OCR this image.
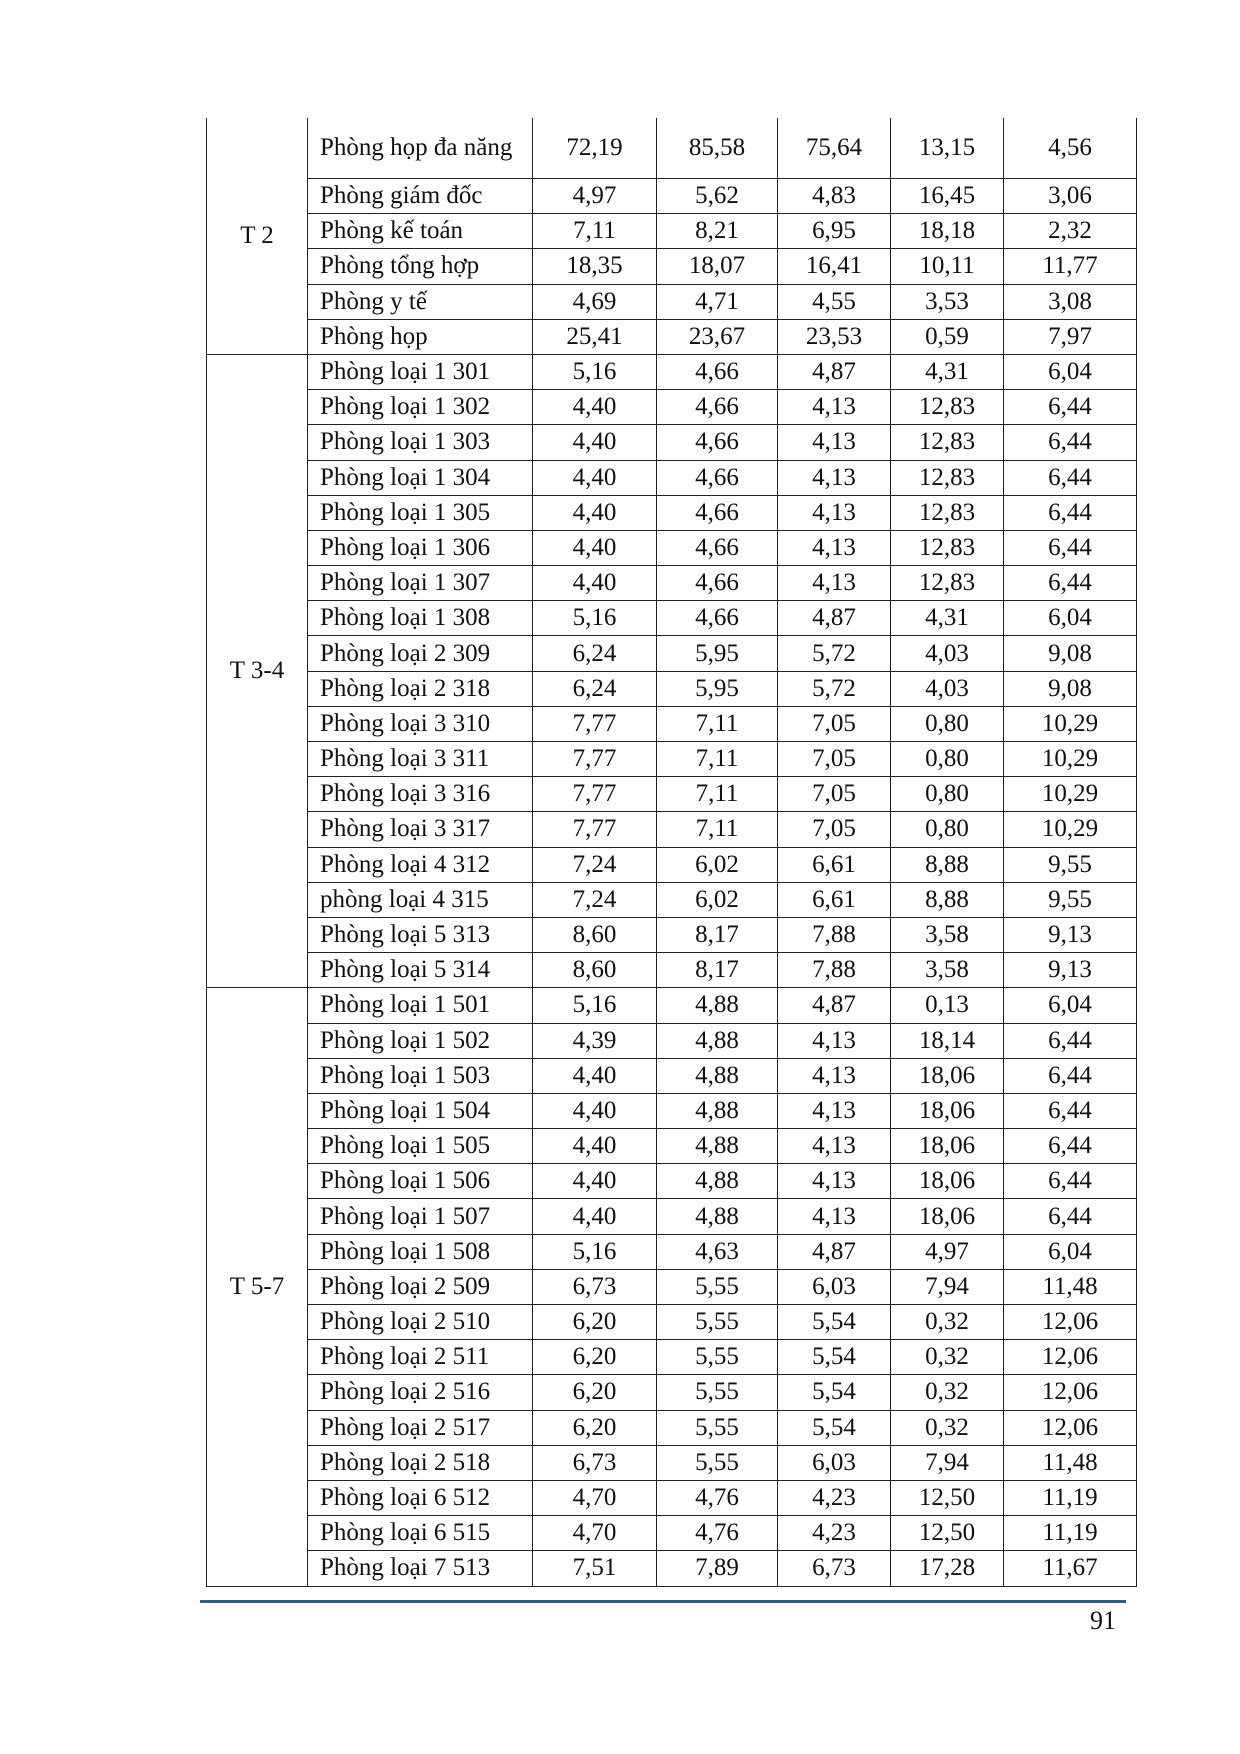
T 2	Phòng họp đa năng	72,19	85,58	75,64	13,15	4,56
	Phòng giám đốc	4,97	5,62	4,83	16,45	3,06
	Phòng kế toán	7,11	8,21	6,95	18,18	2,32
	Phòng tổng hợp	18,35	18,07	16,41	10,11	11,77
	Phòng y tế	4,69	4,71	4,55	3,53	3,08
	Phòng họp	25,41	23,67	23,53	0,59	7,97
T 3-4	Phòng loại 1 301	5,16	4,66	4,87	4,31	6,04
	Phòng loại 1 302	4,40	4,66	4,13	12,83	6,44
	Phòng loại 1 303	4,40	4,66	4,13	12,83	6,44
	Phòng loại 1 304	4,40	4,66	4,13	12,83	6,44
	Phòng loại 1 305	4,40	4,66	4,13	12,83	6,44
	Phòng loại 1 306	4,40	4,66	4,13	12,83	6,44
	Phòng loại 1 307	4,40	4,66	4,13	12,83	6,44
	Phòng loại 1 308	5,16	4,66	4,87	4,31	6,04
	Phòng loại 2 309	6,24	5,95	5,72	4,03	9,08
	Phòng loại 2 318	6,24	5,95	5,72	4,03	9,08
	Phòng loại 3 310	7,77	7,11	7,05	0,80	10,29
	Phòng loại 3 311	7,77	7,11	7,05	0,80	10,29
	Phòng loại 3 316	7,77	7,11	7,05	0,80	10,29
	Phòng loại 3 317	7,77	7,11	7,05	0,80	10,29
	Phòng loại 4 312	7,24	6,02	6,61	8,88	9,55
	phòng loại 4 315	7,24	6,02	6,61	8,88	9,55
	Phòng loại 5 313	8,60	8,17	7,88	3,58	9,13
	Phòng loại 5 314	8,60	8,17	7,88	3,58	9,13
T 5-7	Phòng loại 1 501	5,16	4,88	4,87	0,13	6,04
	Phòng loại 1 502	4,39	4,88	4,13	18,14	6,44
	Phòng loại 1 503	4,40	4,88	4,13	18,06	6,44
	Phòng loại 1 504	4,40	4,88	4,13	18,06	6,44
	Phòng loại 1 505	4,40	4,88	4,13	18,06	6,44
	Phòng loại 1 506	4,40	4,88	4,13	18,06	6,44
	Phòng loại 1 507	4,40	4,88	4,13	18,06	6,44
	Phòng loại 1 508	5,16	4,63	4,87	4,97	6,04
	Phòng loại 2 509	6,73	5,55	6,03	7,94	11,48
	Phòng loại 2 510	6,20	5,55	5,54	0,32	12,06
	Phòng loại 2 511	6,20	5,55	5,54	0,32	12,06
	Phòng loại 2 516	6,20	5,55	5,54	0,32	12,06
	Phòng loại 2 517	6,20	5,55	5,54	0,32	12,06
	Phòng loại 2 518	6,73	5,55	6,03	7,94	11,48
	Phòng loại 6 512	4,70	4,76	4,23	12,50	11,19
	Phòng loại 6 515	4,70	4,76	4,23	12,50	11,19
	Phòng loại 7 513	7,51	7,89	6,73	17,28	11,67
91
